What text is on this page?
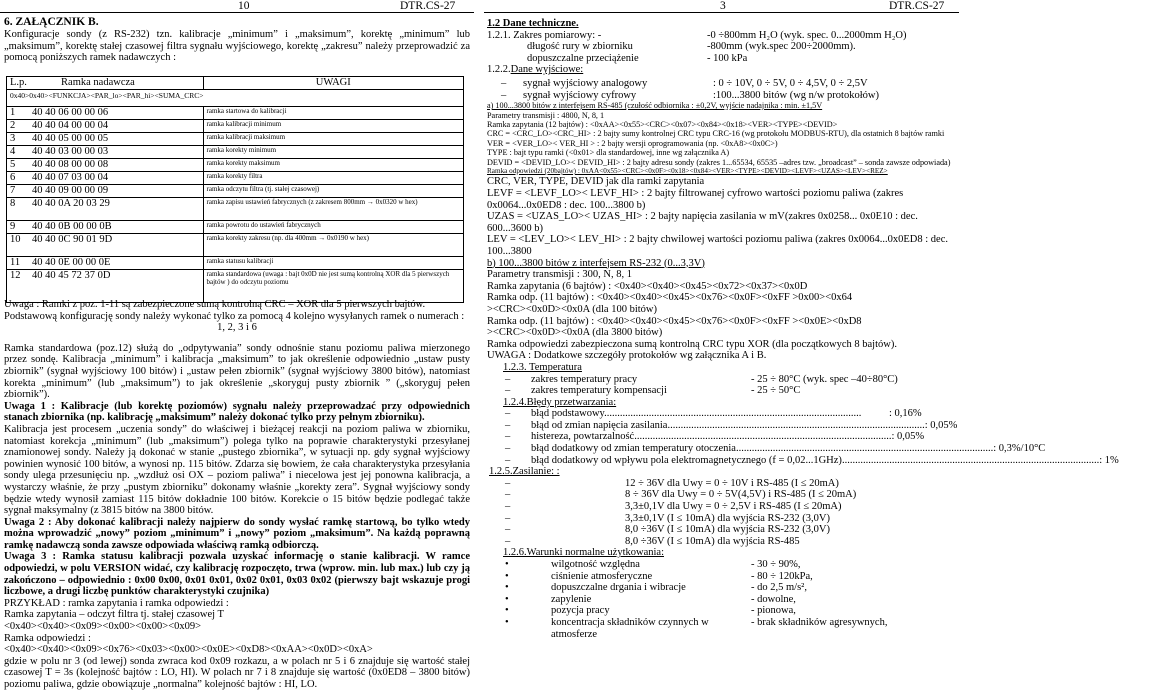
10	DTR.CS-27
6. ZAŁĄCZNIK B.

Konfiguracje sondy (z RS-232) tzn. kalibracje „minimum” i „maksimum”, korektę „minimum” lub „maksimum”, korektę stałej czasowej filtra sygnału wyjściowego, korektę „zakresu” należy przeprowadzić za pomocą poniższych ramek nadawczych :

L.p. Ramka nadawcza	UWAGI
0x40>0x40><FUNKCJA><PAR_lo><PAR_hi><SUMA_CRC>	
1 40 40 06 00 00 06	ramka startowa do kalibracji
2 40 40 04 00 00 04	ramka kalibracji minimum
3 40 40 05 00 00 05	ramka kalibracji maksimum
4 40 40 03 00 00 03	ramka korekty minimum
5 40 40 08 00 00 08	ramka korekty maksimum
6 40 40 07 03 00 04	ramka korekty filtra
7 40 40 09 00 00 09	ramka odczytu filtra (tj. stałej czasowej)
8 40 40 0A 20 03 29	ramka zapisu ustawień fabrycznych (z zakresem 800mm → 0x0320 w hex)
9 40 40 0B 00 00 0B	ramka powrotu do ustawień fabrycznych
10 40 40 0C 90 01 9D	ramka korekty zakresu (np. dla 400mm → 0x0190 w hex)
11 40 40 0E 00 00 0E	ramka statusu kalibracji
12 40 40 45 72 37 0D	ramka standardowa (uwaga : bajt 0x0D nie jest sumą kontrolną XOR dla 5 pierwszych bajtów ) do odczytu poziomu

Uwaga : Ramki z poz. 1-11 są zabezpieczone sumą kontrolną CRC – XOR dla 5 pierwszych bajtów.

Podstawową konfigurację sondy należy wykonać tylko za pomocą 4 kolejno wysyłanych ramek o numerach :

1, 2, 3 i 6

Ramka standardowa (poz.12) służą do „odpytywania” sondy odnośnie stanu poziomu paliwa mierzonego przez sondę. Kalibracja „minimum” i kalibracja „maksimum” to jak określenie odpowiednio „ustaw pusty zbiornik” (sygnał wyjściowy 100 bitów) i „ustaw pełen zbiornik” (sygnał wyjściowy 3800 bitów), natomiast korekta „minimum” (lub „maksimum”) to jak określenie „skoryguj pusty zbiornik ” („skoryguj pełen zbiornik”).

Uwaga 1 : Kalibracje (lub korektę poziomów) sygnału należy przeprowadzać przy odpowiednich stanach zbiornika (np. kalibrację „maksimum” należy dokonać tylko przy pełnym zbiorniku).

Kalibracja jest procesem „uczenia sondy” do właściwej i bieżącej reakcji na poziom paliwa w zbiorniku, natomiast korekcja „minimum” (lub „maksimum”) polega tylko na poprawie charakterystyki przesyłanej znamionowej sondy. Należy ją dokonać w stanie „pustego zbiornika”, w sytuacji np. gdy sygnał wyjściowy powinien wynosić 100 bitów, a wynosi np. 115 bitów. Zdarza się bowiem, że cała charakterystyka przesyłania sondy ulega przesunięciu np. „wzdłuż osi OX – poziom paliwa” i niecelowa jest jej ponowna kalibracja, a wystarczy właśnie, że przy „pustym zbiorniku” dokonamy właśnie „korekty zera”. Sygnał wyjściowy sondy będzie wtedy wynosił zamiast 115 bitów dokładnie 100 bitów. Korekcie o 15 bitów będzie podlegać także sygnał maksymalny (z 3815 bitów na 3800 bitów.

Uwaga 2 : Aby dokonać kalibracji należy najpierw do sondy wysłać ramkę startową, bo tylko wtedy można wprowadzić „nowy” poziom „minimum” i „nowy” poziom „maksimum”. Na każdą poprawną ramkę nadawczą sonda zawsze odpowiada właściwą ramką odbiorczą.

Uwaga 3 : Ramka statusu kalibracji pozwala uzyskać informację o stanie kalibracji. W ramce odpowiedzi, w polu VERSION widać, czy kalibrację rozpoczęto, trwa (wprow. min. lub max.) lub czy ją zakończono – odpowiednio : 0x00 0x00, 0x01 0x01, 0x02 0x01, 0x03 0x02 (pierwszy bajt wskazuje progi liczbowe, a drugi liczbę punktów charakterystyki czujnika)

PRZYKŁAD : ramka zapytania i ramka odpowiedzi :

Ramka zapytania – odczyt filtra tj. stałej czasowej T

<0x40><0x40><0x09><0x00><0x00><0x09>

Ramka odpowiedzi :

<0x40><0x40><0x09><0x76><0x03><0x00><0x0E><0xD8><0xAA><0x0D><0xA>

gdzie w polu nr 3 (od lewej) sonda zwraca kod 0x09 rozkazu, a w polach nr 5 i 6 znajduje się wartość stałej czasowej T = 3s (kolejność bajtów : LO, HI). W polach nr 7 i 8 znajduje się wartość (0x0ED8 – 3800 bitów) poziomu paliwa, gdzie obowiązuje „normalna” kolejność bajtów : HI, LO.

3	DTR.CS-27

1.2 Dane techniczne.

1.2.1. Zakres pomiarowy: -	-0 ÷800mm H₂O (wyk. spec. 0...2000mm H₂O)
długość rury w zbiorniku	-800mm (wyk.spec 200÷2000mm).
dopuszczalne przeciążenie	- 100 kPa

1.2.2.Dane wyjściowe:

–	sygnał wyjściowy analogowy	: 0 ÷ 10V, 0 ÷ 5V, 0 ÷ 4,5V, 0 ÷ 2,5V
–	sygnał wyjściowy cyfrowy	:100...3800 bitów (wg n/w protokołów)

a) 100...3800 bitów z interfejsem RS-485 (czułość odbiornika : ±0,2V, wyjście nadajnika : min. ±1,5V

Parametry transmisji : 4800, N, 8, 1

Ramka zapytania (12 bajtów) : <0xAA><0x55><CRC><0x07><0x84><0x18><VER><TYPE><DEVID>

CRC = <CRC_LO><CRC_HI> : 2 bajty sumy kontrolnej CRC typu CRC-16 (wg protokołu MODBUS-RTU), dla ostatnich 8 bajtów ramki

VER = <VER_LO>< VER_HI > : 2 bajty wersji oprogramowania (np. <0xA8><0x0C>)

TYPE : bajt typu ramki (<0x01> dla standardowej, inne wg załącznika A)

DEVID = <DEVID_LO>< DEVID_HI> : 2 bajty adresu sondy (zakres 1...65534, 65535 –adres tzw. „broadcast” – sonda zawsze odpowiada)

Ramka odpowiedzi (20bajtów) : 0xAA<0x55><CRC><0x0F><0x18><0x84><VER><TYPE><DEVID><LEVF><UZAS><LEV><REZ>

CRC, VER, TYPE, DEVID jak dla ramki zapytania

LEVF = <LEVF_LO>< LEVF_HI> : 2 bajty filtrowanej cyfrowo wartości poziomu paliwa (zakres 0x0064...0x0ED8 : dec. 100...3800 b)

UZAS = <UZAS_LO>< UZAS_HI> : 2 bajty napięcia zasilania w mV(zakres 0x0258... 0x0E10 : dec. 600...3600 b)

LEV = <LEV_LO>< LEV_HI> : 2 bajty chwilowej wartości poziomu paliwa (zakres 0x0064...0x0ED8 : dec. 100...3800

b) 100...3800 bitów z interfejsem RS-232 (0...3,3V)

Parametry transmisji : 300, N, 8, 1

Ramka zapytania (6 bajtów) : <0x40><0x40><0x45><0x72><0x37><0x0D

Ramka odp. (11 bajtów) : <0x40><0x40><0x45><0x76><0x0F><0xFF >0x00><0x64

><CRC><0x0D><0x0A (dla 100 bitów)

Ramka odp. (11 bajtów) : <0x40><0x40><0x45><0x76><0x0F><0xFF ><0x0E><0xD8

><CRC><0x0D><0x0A (dla 3800 bitów)

Ramka odpowiedzi zabezpieczona sumą kontrolną CRC typu XOR (dla początkowych 8 bajtów).

UWAGA : Dodatkowe szczegóły protokołów wg załącznika A i B.

1.2.3. Temperatura

–	zakres temperatury pracy	- 25 ÷ 80°C (wyk. spec –40÷80°C)
–	zakres temperatury kompensacji	- 25 ÷ 50°C

1.2.4.Błędy przetwarzania:

–	błąd podstawowy..................................................................................................	: 0,16%
–	błąd od zmian napięcia zasilania.................................................................................................. : 0,05%
–	histereza, powtarzalność.................................................................................................. : 0,05%
–	błąd dodatkowy od zmian temperatury otoczenia.................................................................................................. : 0,3%/10°C
–	błąd dodatkowy od wpływu pola elektromagnetycznego (f = 0,02...1GHz).................................................................................................. : 1%

1.2.5.Zasilanie: :

–	12 ÷ 36V dla Uwy = 0 ÷ 10V i RS-485 (I ≤ 20mA)
–	8 ÷ 36V dla Uwy = 0 ÷ 5V(4,5V) i RS-485 (I ≤ 20mA)
–	3,3±0,1V dla Uwy = 0 ÷ 2,5V i RS-485 (I ≤ 20mA)
–	3,3±0,1V (I ≤ 10mA) dla wyjścia RS-232 (3,0V)
–	8,0 ÷36V (I ≤ 10mA) dla wyjścia RS-232 (3,0V)
–	8,0 ÷36V (I ≤ 10mA) dla wyjścia RS-485

1.2.6.Warunki normalne użytkowania:

•	wilgotność względna	- 30 ÷ 90%,
•	ciśnienie atmosferyczne	- 80 ÷ 120kPa,
•	dopuszczalne drgania i wibracje	- do 2,5 m/s²,
•	zapylenie	- dowolne,
•	pozycja pracy	- pionowa,
•	koncentracja składników czynnych w atmosferze
- brak składników agresywnych,
